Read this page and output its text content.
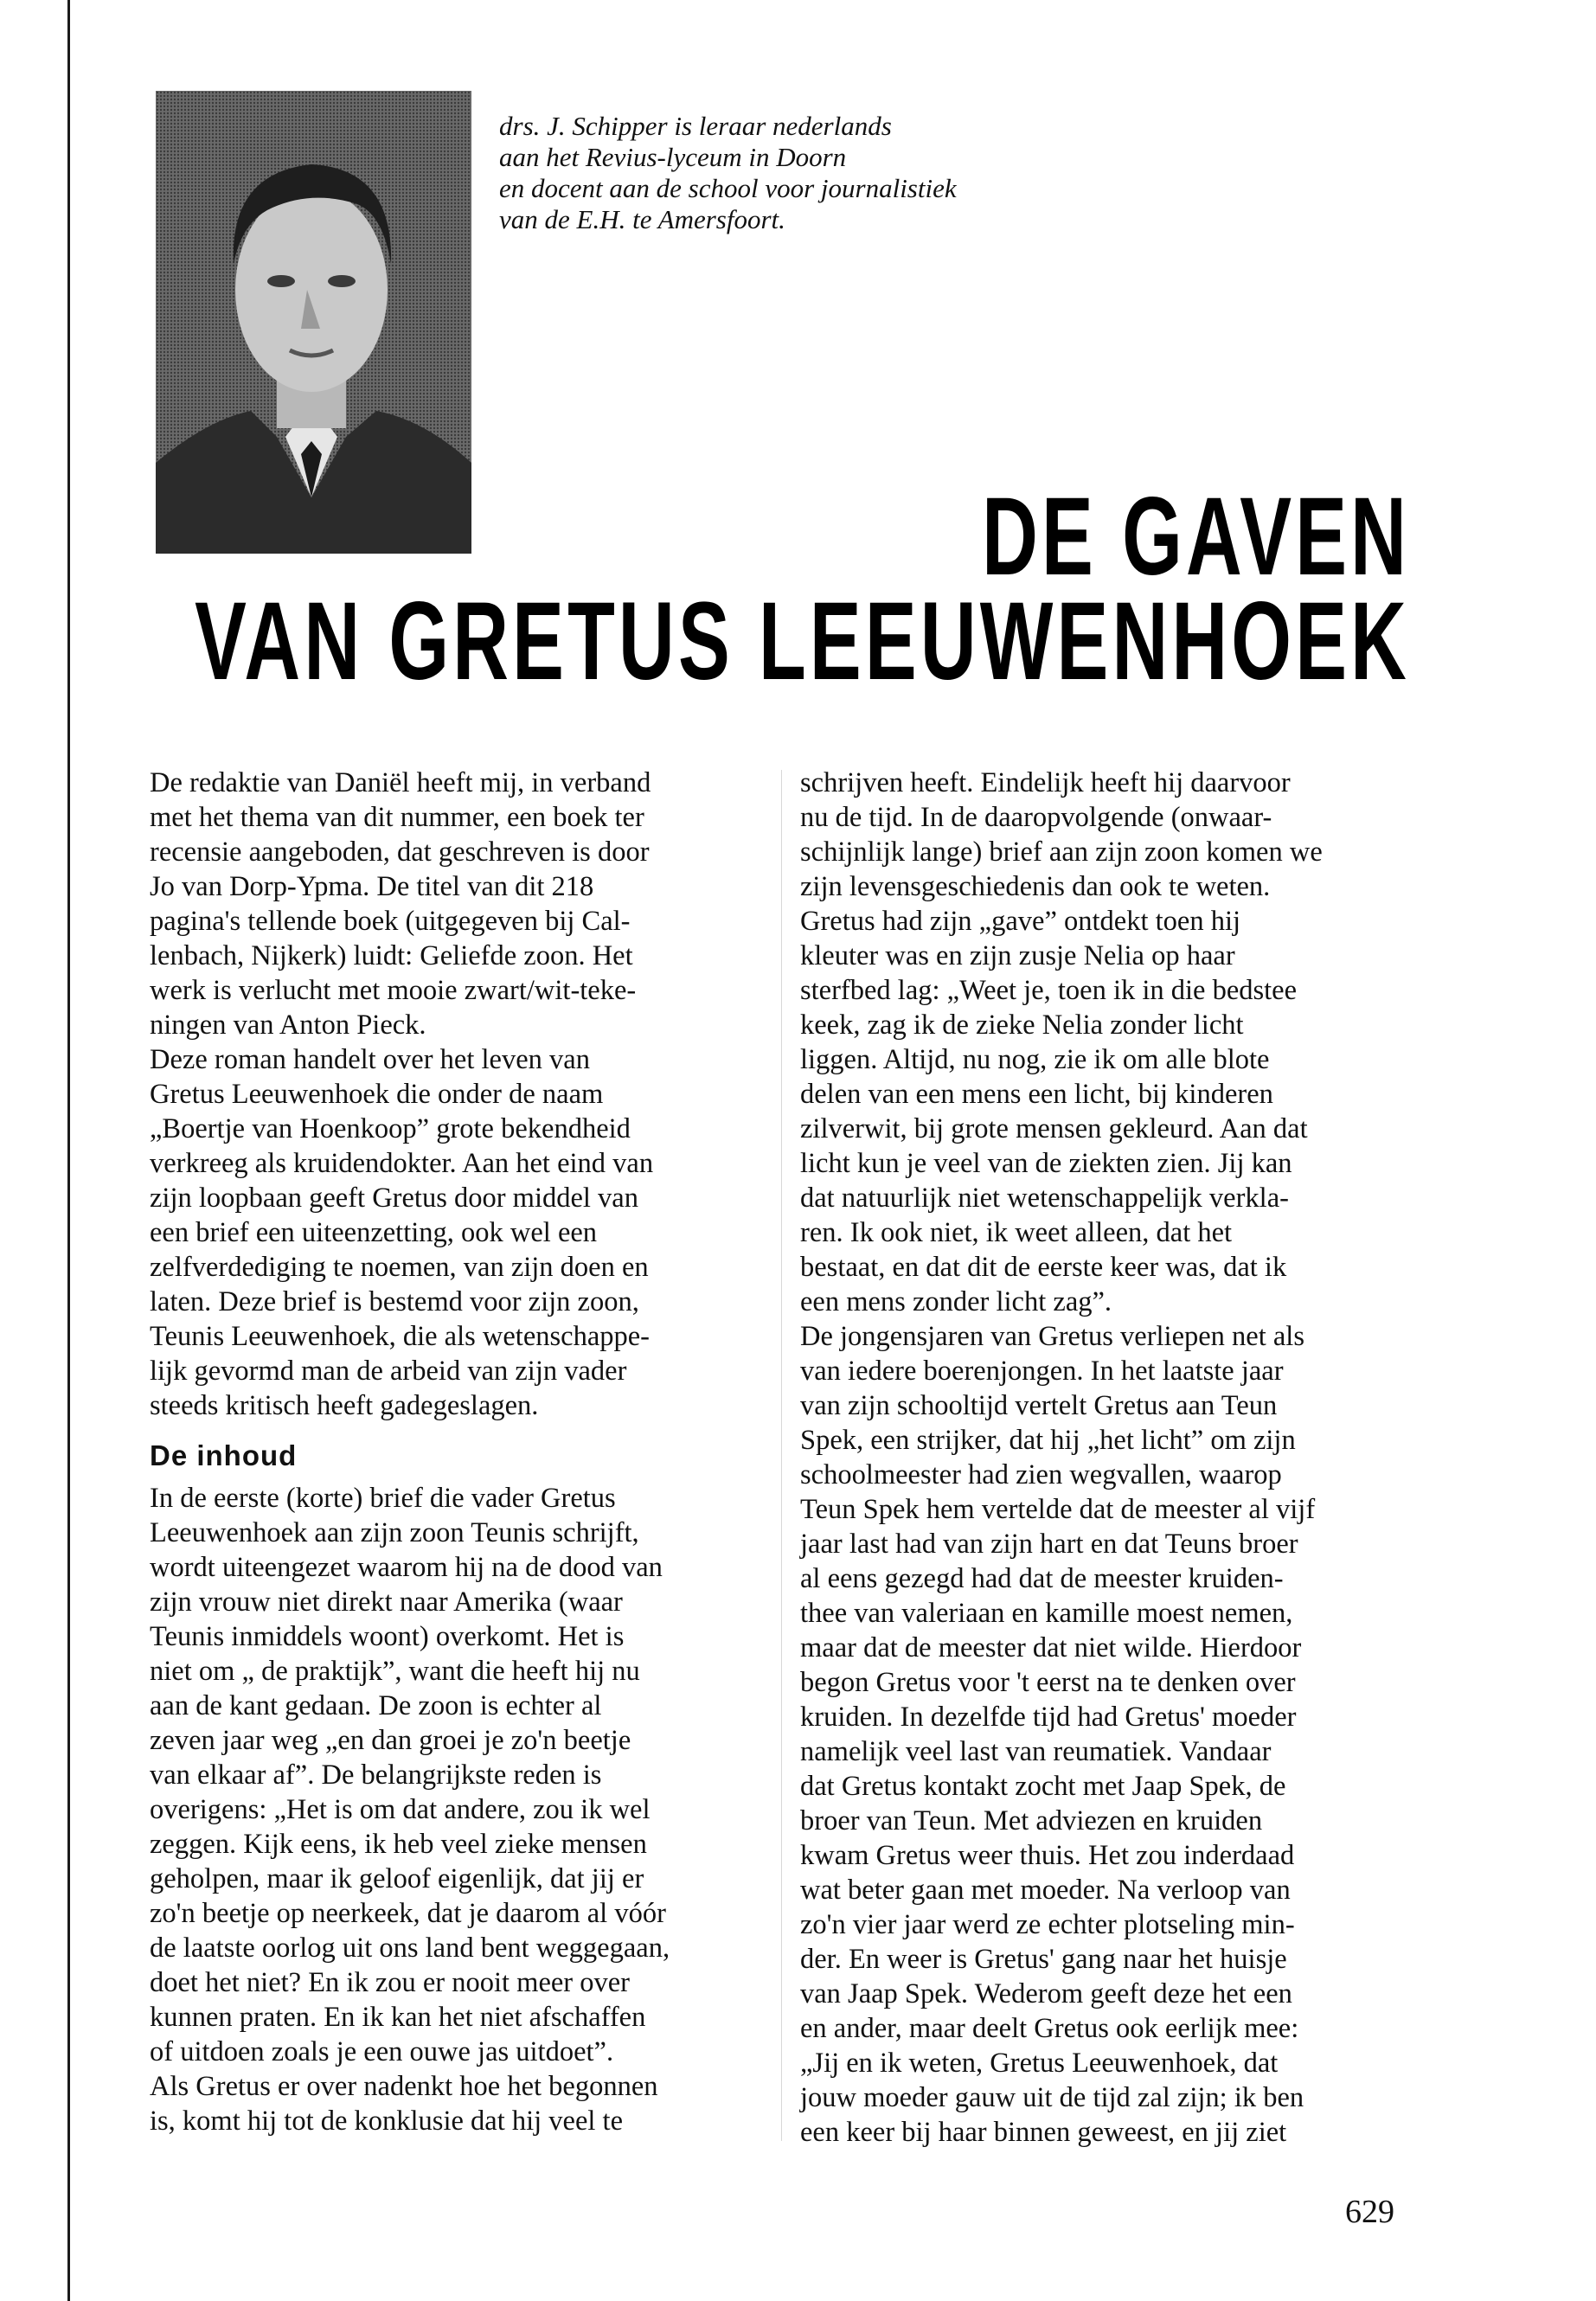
drs. J. Schipper is leraar nederlands
aan het Revius-lyceum in Doorn
en docent aan de school voor journalistiek
van de E.H. te Amersfoort.
DE GAVEN
VAN GRETUS LEEUWENHOEK
De redaktie van Daniël heeft mij, in verband
met het thema van dit nummer, een boek ter
recensie aangeboden, dat geschreven is door
Jo van Dorp-Ypma. De titel van dit 218
pagina's tellende boek (uitgegeven bij Cal-
lenbach, Nijkerk) luidt: Geliefde zoon. Het
werk is verlucht met mooie zwart/wit-teke-
ningen van Anton Pieck.
Deze roman handelt over het leven van
Gretus Leeuwenhoek die onder de naam
„Boertje van Hoenkoop” grote bekendheid
verkreeg als kruidendokter. Aan het eind van
zijn loopbaan geeft Gretus door middel van
een brief een uiteenzetting, ook wel een
zelfverdediging te noemen, van zijn doen en
laten. Deze brief is bestemd voor zijn zoon,
Teunis Leeuwenhoek, die als wetenschappe-
lijk gevormd man de arbeid van zijn vader
steeds kritisch heeft gadegeslagen.
De inhoud
In de eerste (korte) brief die vader Gretus
Leeuwenhoek aan zijn zoon Teunis schrijft,
wordt uiteengezet waarom hij na de dood van
zijn vrouw niet direkt naar Amerika (waar
Teunis inmiddels woont) overkomt. Het is
niet om „ de praktijk”, want die heeft hij nu
aan de kant gedaan. De zoon is echter al
zeven jaar weg „en dan groei je zo'n beetje
van elkaar af”. De belangrijkste reden is
overigens: „Het is om dat andere, zou ik wel
zeggen. Kijk eens, ik heb veel zieke mensen
geholpen, maar ik geloof eigenlijk, dat jij er
zo'n beetje op neerkeek, dat je daarom al vóór
de laatste oorlog uit ons land bent weggegaan,
doet het niet? En ik zou er nooit meer over
kunnen praten. En ik kan het niet afschaffen
of uitdoen zoals je een ouwe jas uitdoet”.
Als Gretus er over nadenkt hoe het begonnen
is, komt hij tot de konklusie dat hij veel te
schrijven heeft. Eindelijk heeft hij daarvoor
nu de tijd. In de daaropvolgende (onwaar-
schijnlijk lange) brief aan zijn zoon komen we
zijn levensgeschiedenis dan ook te weten.
Gretus had zijn „gave” ontdekt toen hij
kleuter was en zijn zusje Nelia op haar
sterfbed lag: „Weet je, toen ik in die bedstee
keek, zag ik de zieke Nelia zonder licht
liggen. Altijd, nu nog, zie ik om alle blote
delen van een mens een licht, bij kinderen
zilverwit, bij grote mensen gekleurd. Aan dat
licht kun je veel van de ziekten zien. Jij kan
dat natuurlijk niet wetenschappelijk verkla-
ren. Ik ook niet, ik weet alleen, dat het
bestaat, en dat dit de eerste keer was, dat ik
een mens zonder licht zag”.
De jongensjaren van Gretus verliepen net als
van iedere boerenjongen. In het laatste jaar
van zijn schooltijd vertelt Gretus aan Teun
Spek, een strijker, dat hij „het licht” om zijn
schoolmeester had zien wegvallen, waarop
Teun Spek hem vertelde dat de meester al vijf
jaar last had van zijn hart en dat Teuns broer
al eens gezegd had dat de meester kruiden-
thee van valeriaan en kamille moest nemen,
maar dat de meester dat niet wilde. Hierdoor
begon Gretus voor 't eerst na te denken over
kruiden. In dezelfde tijd had Gretus' moeder
namelijk veel last van reumatiek. Vandaar
dat Gretus kontakt zocht met Jaap Spek, de
broer van Teun. Met adviezen en kruiden
kwam Gretus weer thuis. Het zou inderdaad
wat beter gaan met moeder. Na verloop van
zo'n vier jaar werd ze echter plotseling min-
der. En weer is Gretus' gang naar het huisje
van Jaap Spek. Wederom geeft deze het een
en ander, maar deelt Gretus ook eerlijk mee:
„Jij en ik weten, Gretus Leeuwenhoek, dat
jouw moeder gauw uit de tijd zal zijn; ik ben
een keer bij haar binnen geweest, en jij ziet
629
